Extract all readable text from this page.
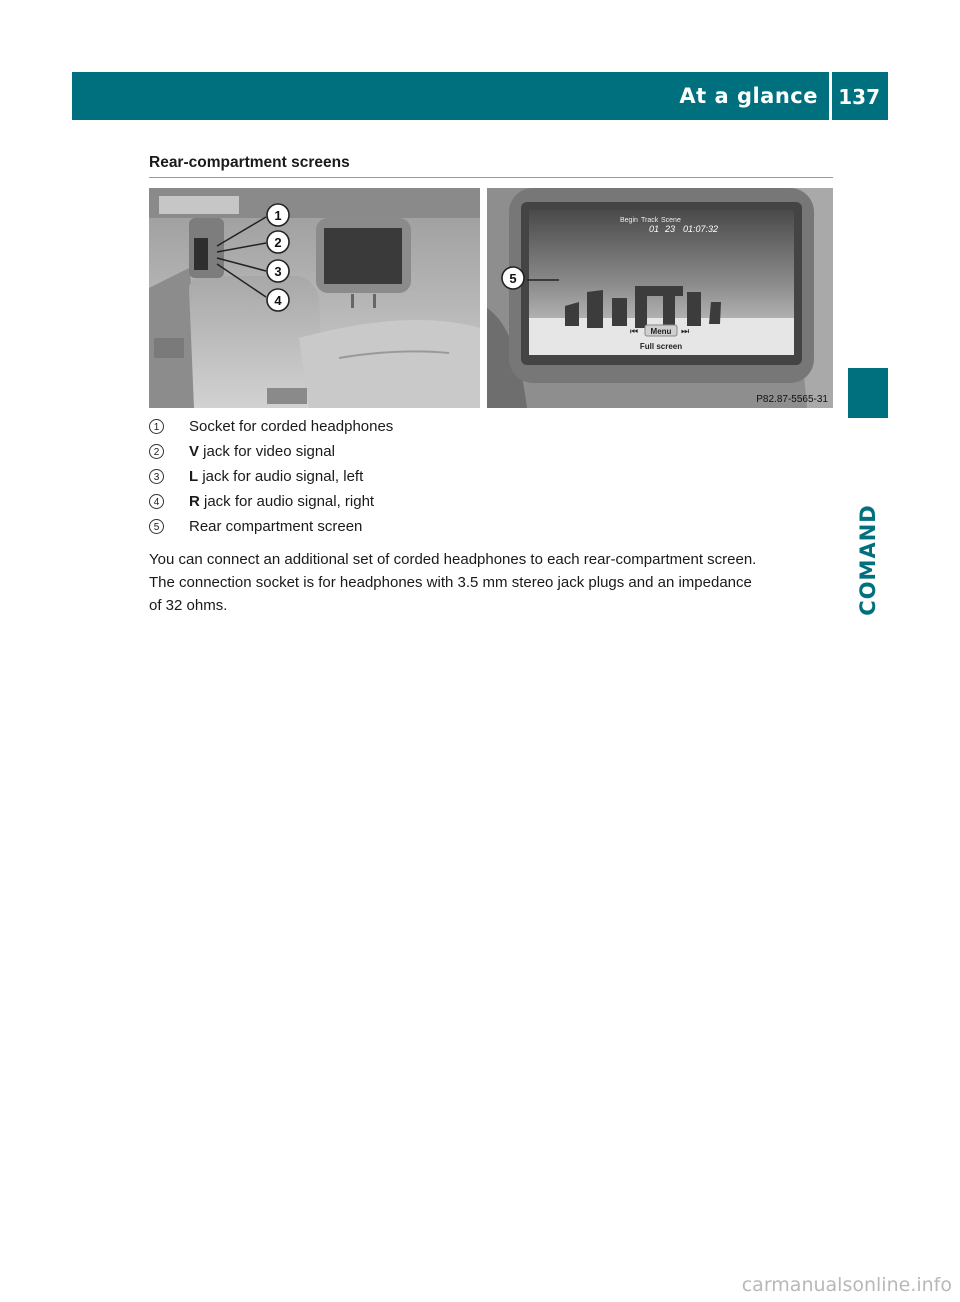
At a glance 137
COMAND
Rear-compartment screens
1
2
3
4
Begin Track Scene
01 23 01:07:32
⏮ Menu ⏭
Full screen
5
P82.87-5565-31
1	Socket for corded headphones
2	V jack for video signal
3	L jack for audio signal, left
4	R jack for audio signal, right
5	Rear compartment screen
You can connect an additional set of corded headphones to each rear-compartment screen.
The connection socket is for headphones with 3.5 mm stereo jack plugs and an impedance
of 32 ohms.
carmanualsonline.info
